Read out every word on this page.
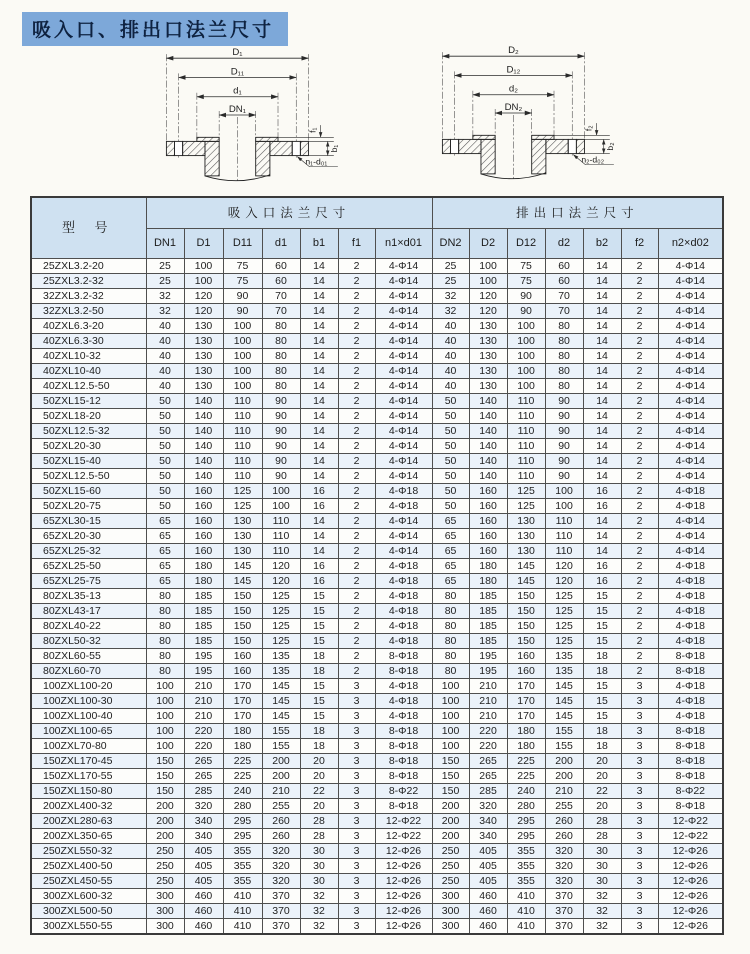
吸入口、排出口法兰尺寸
D₁
D₁₁
d₁
DN₁
f₁
b₁
n₁-d₀₁
D₂
D₁₂
d₂
DN₂
f₂
b₂
n₂-d₀₂
型 号	吸入口法兰尺寸							排出口法兰尺寸						
	DN1	D1	D11	d1	b1	f1	n1×d01	DN2	D2	D12	d2	b2	f2	n2×d02
25ZXL3.2-20	25	100	75	60	14	2	4-Φ14	25	100	75	60	14	2	4-Φ14
25ZXL3.2-32	25	100	75	60	14	2	4-Φ14	25	100	75	60	14	2	4-Φ14
32ZXL3.2-32	32	120	90	70	14	2	4-Φ14	32	120	90	70	14	2	4-Φ14
32ZXL3.2-50	32	120	90	70	14	2	4-Φ14	32	120	90	70	14	2	4-Φ14
40ZXL6.3-20	40	130	100	80	14	2	4-Φ14	40	130	100	80	14	2	4-Φ14
40ZXL6.3-30	40	130	100	80	14	2	4-Φ14	40	130	100	80	14	2	4-Φ14
40ZXL10-32	40	130	100	80	14	2	4-Φ14	40	130	100	80	14	2	4-Φ14
40ZXL10-40	40	130	100	80	14	2	4-Φ14	40	130	100	80	14	2	4-Φ14
40ZXL12.5-50	40	130	100	80	14	2	4-Φ14	40	130	100	80	14	2	4-Φ14
50ZXL15-12	50	140	110	90	14	2	4-Φ14	50	140	110	90	14	2	4-Φ14
50ZXL18-20	50	140	110	90	14	2	4-Φ14	50	140	110	90	14	2	4-Φ14
50ZXL12.5-32	50	140	110	90	14	2	4-Φ14	50	140	110	90	14	2	4-Φ14
50ZXL20-30	50	140	110	90	14	2	4-Φ14	50	140	110	90	14	2	4-Φ14
50ZXL15-40	50	140	110	90	14	2	4-Φ14	50	140	110	90	14	2	4-Φ14
50ZXL12.5-50	50	140	110	90	14	2	4-Φ14	50	140	110	90	14	2	4-Φ14
50ZXL15-60	50	160	125	100	16	2	4-Φ18	50	160	125	100	16	2	4-Φ18
50ZXL20-75	50	160	125	100	16	2	4-Φ18	50	160	125	100	16	2	4-Φ18
65ZXL30-15	65	160	130	110	14	2	4-Φ14	65	160	130	110	14	2	4-Φ14
65ZXL20-30	65	160	130	110	14	2	4-Φ14	65	160	130	110	14	2	4-Φ14
65ZXL25-32	65	160	130	110	14	2	4-Φ14	65	160	130	110	14	2	4-Φ14
65ZXL25-50	65	180	145	120	16	2	4-Φ18	65	180	145	120	16	2	4-Φ18
65ZXL25-75	65	180	145	120	16	2	4-Φ18	65	180	145	120	16	2	4-Φ18
80ZXL35-13	80	185	150	125	15	2	4-Φ18	80	185	150	125	15	2	4-Φ18
80ZXL43-17	80	185	150	125	15	2	4-Φ18	80	185	150	125	15	2	4-Φ18
80ZXL40-22	80	185	150	125	15	2	4-Φ18	80	185	150	125	15	2	4-Φ18
80ZXL50-32	80	185	150	125	15	2	4-Φ18	80	185	150	125	15	2	4-Φ18
80ZXL60-55	80	195	160	135	18	2	8-Φ18	80	195	160	135	18	2	8-Φ18
80ZXL60-70	80	195	160	135	18	2	8-Φ18	80	195	160	135	18	2	8-Φ18
100ZXL100-20	100	210	170	145	15	3	4-Φ18	100	210	170	145	15	3	4-Φ18
100ZXL100-30	100	210	170	145	15	3	4-Φ18	100	210	170	145	15	3	4-Φ18
100ZXL100-40	100	210	170	145	15	3	4-Φ18	100	210	170	145	15	3	4-Φ18
100ZXL100-65	100	220	180	155	18	3	8-Φ18	100	220	180	155	18	3	8-Φ18
100ZXL70-80	100	220	180	155	18	3	8-Φ18	100	220	180	155	18	3	8-Φ18
150ZXL170-45	150	265	225	200	20	3	8-Φ18	150	265	225	200	20	3	8-Φ18
150ZXL170-55	150	265	225	200	20	3	8-Φ18	150	265	225	200	20	3	8-Φ18
150ZXL150-80	150	285	240	210	22	3	8-Φ22	150	285	240	210	22	3	8-Φ22
200ZXL400-32	200	320	280	255	20	3	8-Φ18	200	320	280	255	20	3	8-Φ18
200ZXL280-63	200	340	295	260	28	3	12-Φ22	200	340	295	260	28	3	12-Φ22
200ZXL350-65	200	340	295	260	28	3	12-Φ22	200	340	295	260	28	3	12-Φ22
250ZXL550-32	250	405	355	320	30	3	12-Φ26	250	405	355	320	30	3	12-Φ26
250ZXL400-50	250	405	355	320	30	3	12-Φ26	250	405	355	320	30	3	12-Φ26
250ZXL450-55	250	405	355	320	30	3	12-Φ26	250	405	355	320	30	3	12-Φ26
300ZXL600-32	300	460	410	370	32	3	12-Φ26	300	460	410	370	32	3	12-Φ26
300ZXL500-50	300	460	410	370	32	3	12-Φ26	300	460	410	370	32	3	12-Φ26
300ZXL550-55	300	460	410	370	32	3	12-Φ26	300	460	410	370	32	3	12-Φ26
